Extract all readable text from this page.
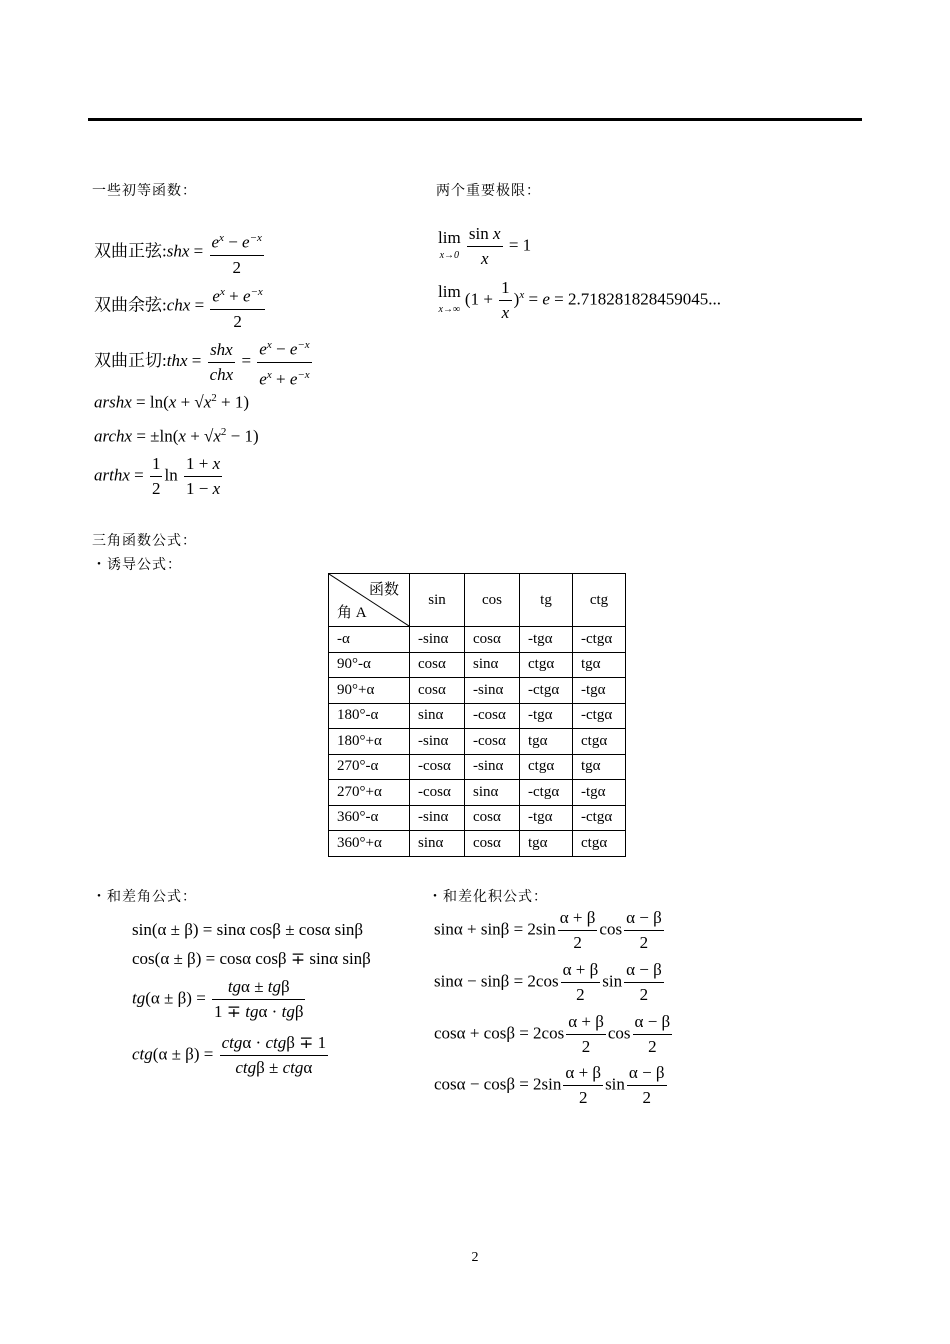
一些初等函数：
双曲正弦:shx = $\frac{e^x - e^{-x}}{2}$
双曲余弦:chx = $\frac{e^x + e^{-x}}{2}$
双曲正切:thx = $\frac{\text{shx}}{\text{chx}} = \frac{e^x - e^{-x}}{e^x + e^{-x}}$
arshx = $\ln(x + √x^2 + 1)$
archx = $\pm\ln(x + √x^2 - 1)$
arthx = $\frac{1}{2}$ $\ln \frac{1 + x}{1 - x}$
两个重要极限：
lim
x→0
$\frac{\text{sin x}}{x} = 1$
lim
x→∞
$(1 + \frac{1}{x} )^x = e = 2.718281828459045$...
三角函数公式：
・诱导公式：
函数
角 A	sin	cos	tg	ctg
-α	-sinα	cosα	-tgα	-ctgα
90°-α	cosα	sinα	ctgα	tgα
90°+α	cosα	-sinα	-ctgα	-tgα
180°-α	sinα	-cosα	-tgα	-ctgα
180°+α	-sinα	-cosα	tgα	ctgα
270°-α	-cosα	-sinα	ctgα	tgα
270°+α	-cosα	sinα	-ctgα	-tgα
360°-α	-sinα	cosα	-tgα	-ctgα
360°+α	sinα	cosα	tgα	ctgα
・和差角公式：
sin(α ± β) = sinα cosβ ± cosα sinβ
cos(α ± β) = cosα cosβ ∓ sinα sinβ
$tg(\alpha \pm \beta) = \frac{\text{tgα ± tgβ}}{\text{1 ∓ tgα · tgβ}}$
$ctg(\alpha \pm \beta) = \frac{\text{ctgα · ctgβ ∓ 1}}{\text{ctgβ ± ctgα}}$
・和差化积公式：
$\sin\alpha + \sin\beta = 2\sin \frac{\alpha + \beta}{2}$ $\cos \frac{\alpha - \beta}{2}$
$\sin\alpha - \sin\beta = 2\cos \frac{\alpha + \beta}{2}$ $\sin \frac{\alpha - \beta}{2}$
$\cos\alpha + \cos\beta = 2\cos \frac{\alpha + \beta}{2}$ $\cos \frac{\alpha - \beta}{2}$
$\cos\alpha - \cos\beta = 2\sin \frac{\alpha + \beta}{2}$ $\sin \frac{\alpha - \beta}{2}$
2
